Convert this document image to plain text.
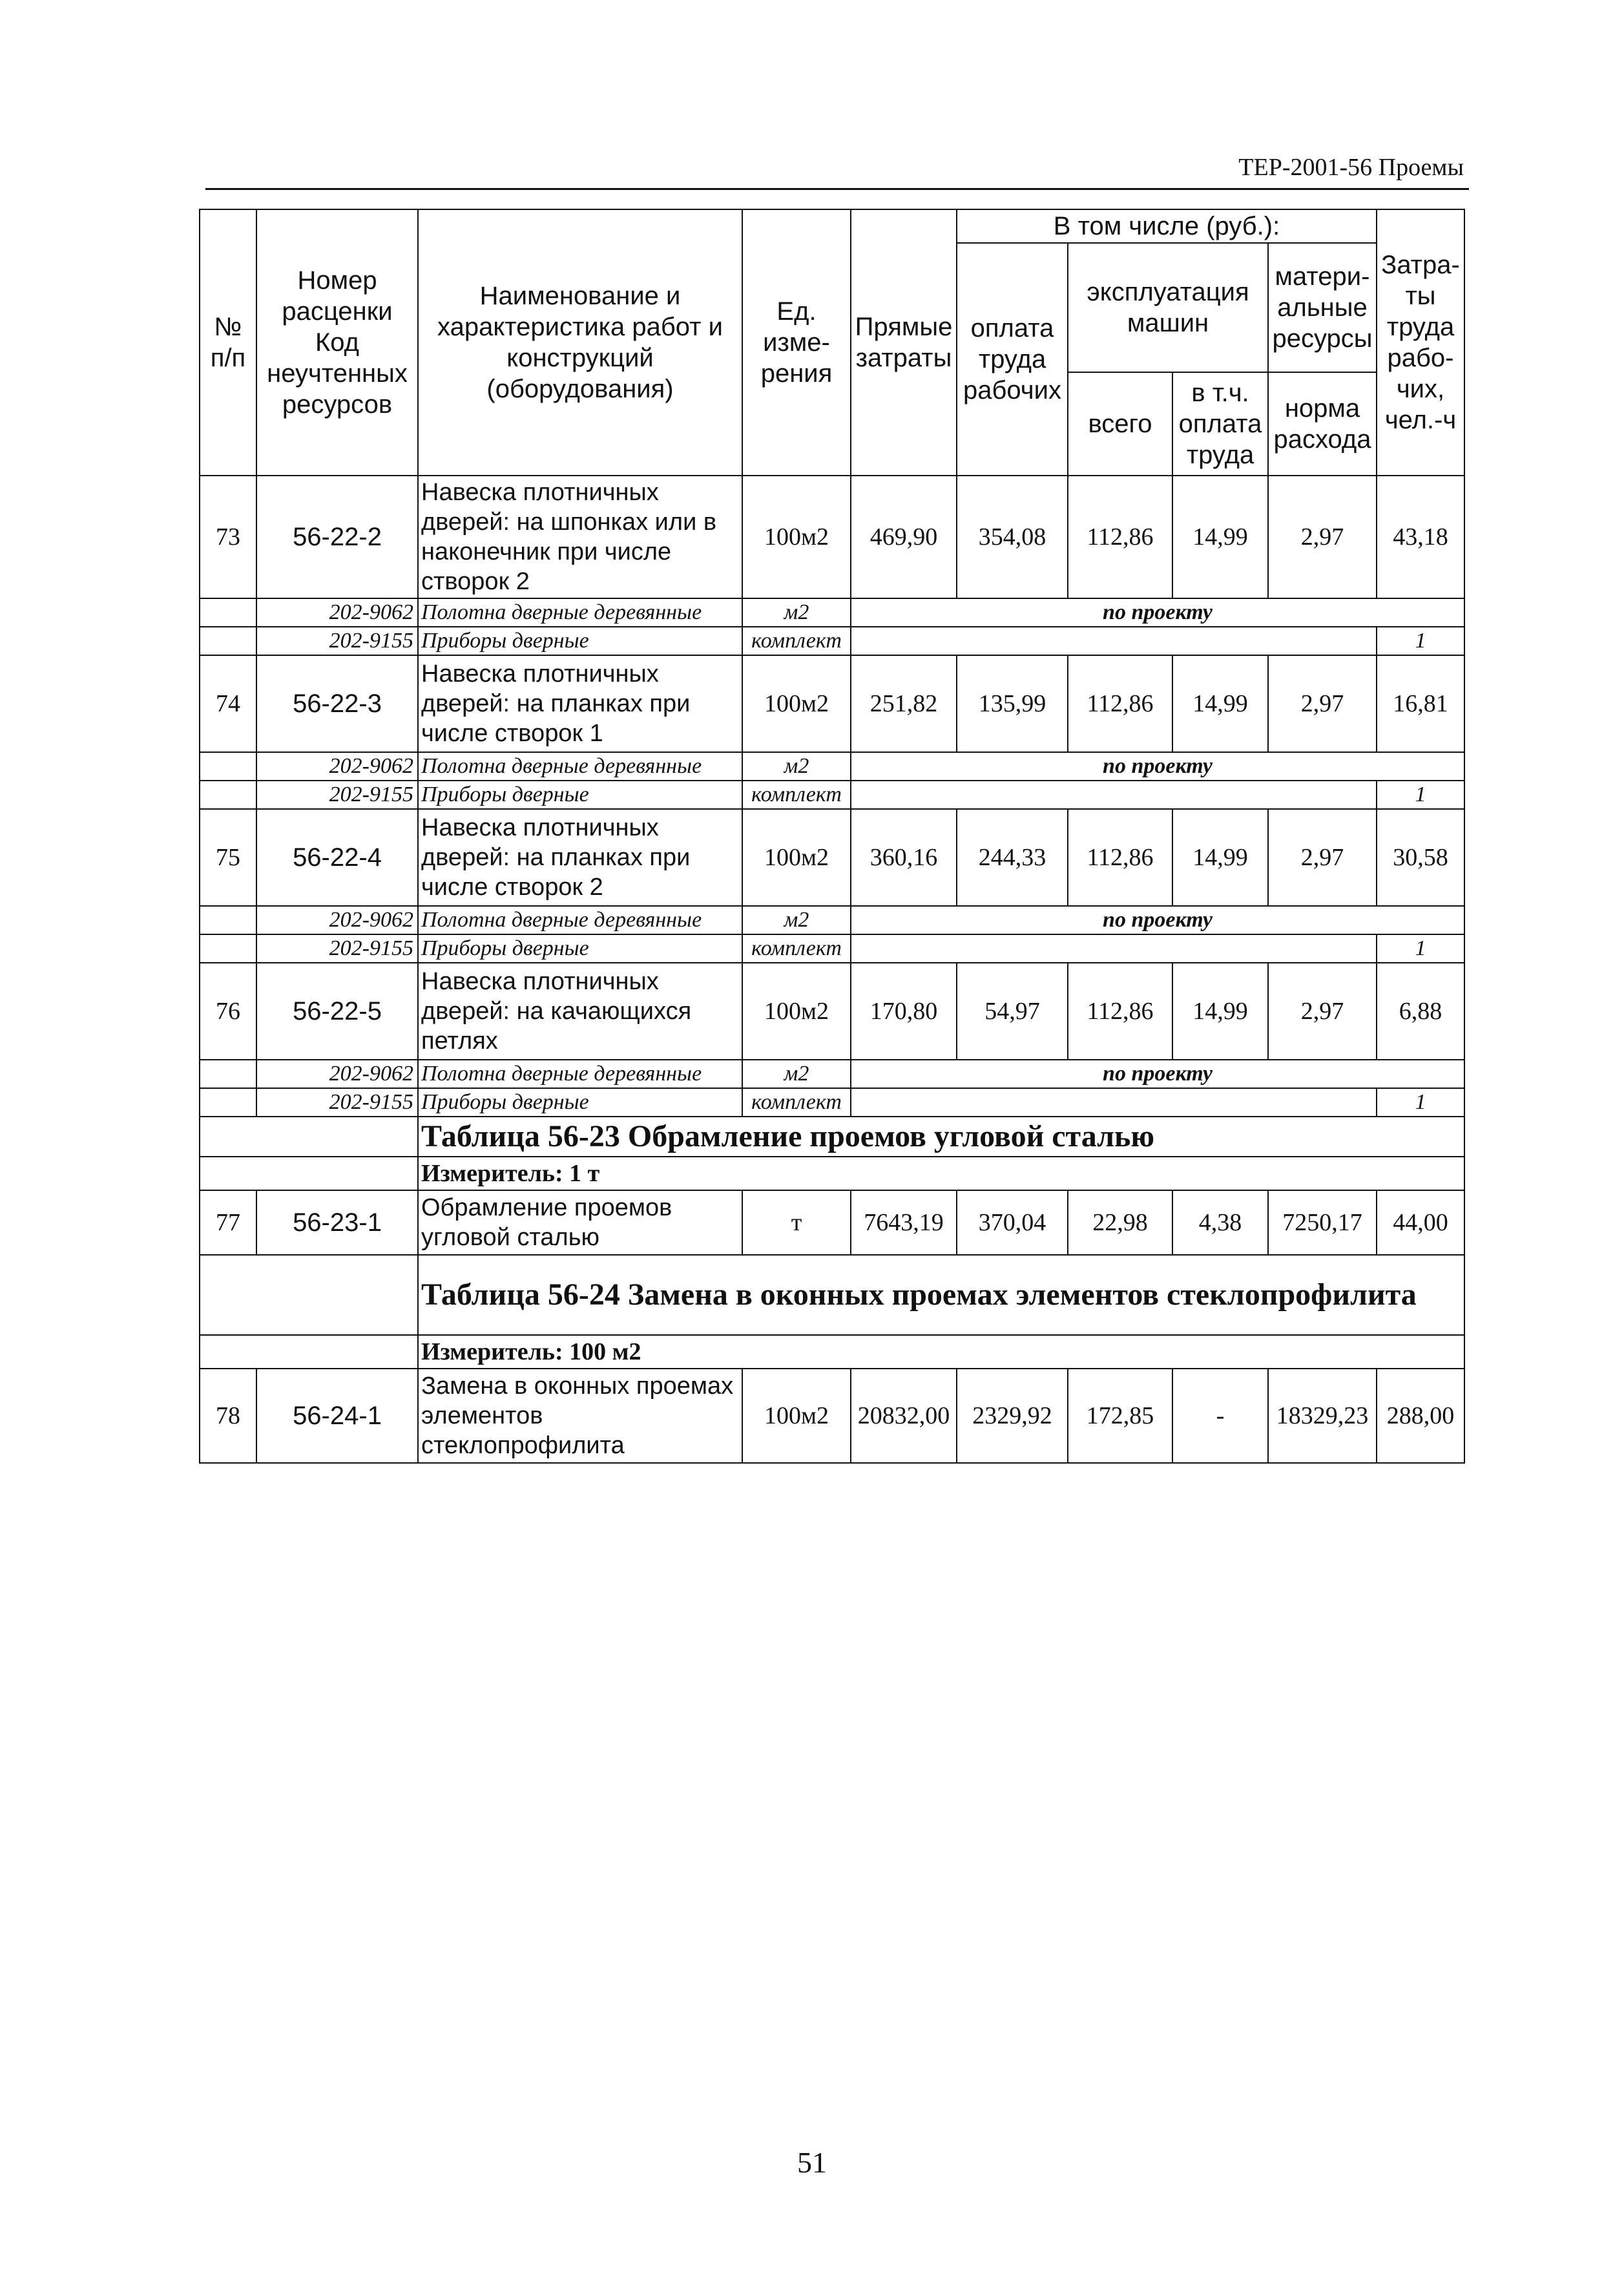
ТЕР-2001-56 Проемы
№ п/п	Номер расценки Код неучтенных ресурсов	Наименование и характеристика работ и конструкций (оборудования)	Ед. изме-рения	Прямые затраты	В том числе (руб.):				Затра-ты труда рабо-чих, чел.-ч
					оплата труда рабочих	эксплуатация машин		матери-альные ресурсы	
						всего	в т.ч. оплата труда	норма расхода	
73	56-22-2	Навеска плотничных дверей: на шпонках или в наконечник при числе створок 2	100м2	469,90	354,08	112,86	14,99	2,97	43,18
	202-9062	Полотна дверные деревянные	м2	по проекту					
	202-9155	Приборы дверные	комплект						1
74	56-22-3	Навеска плотничных дверей: на планках при числе створок 1	100м2	251,82	135,99	112,86	14,99	2,97	16,81
	202-9062	Полотна дверные деревянные	м2	по проекту					
	202-9155	Приборы дверные	комплект						1
75	56-22-4	Навеска плотничных дверей: на планках при числе створок 2	100м2	360,16	244,33	112,86	14,99	2,97	30,58
	202-9062	Полотна дверные деревянные	м2	по проекту					
	202-9155	Приборы дверные	комплект						1
76	56-22-5	Навеска плотничных дверей: на качающихся петлях	100м2	170,80	54,97	112,86	14,99	2,97	6,88
	202-9062	Полотна дверные деревянные	м2	по проекту					
	202-9155	Приборы дверные	комплект						1
		Таблица 56-23 Обрамление проемов угловой сталью							
		Измеритель: 1 т							
77	56-23-1	Обрамление проемов угловой сталью	т	7643,19	370,04	22,98	4,38	7250,17	44,00
		Таблица 56-24 Замена в оконных проемах элементов стеклопрофилита							
		Измеритель: 100 м2							
78	56-24-1	Замена в оконных проемах элементов стеклопрофилита	100м2	20832,00	2329,92	172,85	-	18329,23	288,00
51
